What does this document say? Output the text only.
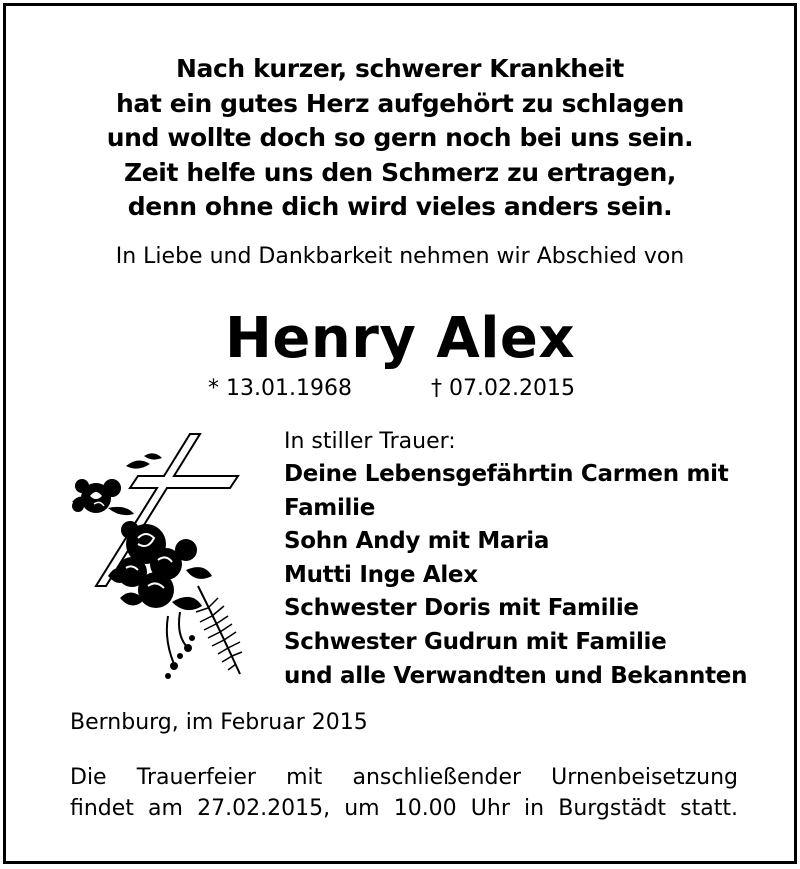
Nach kurzer, schwerer Krankheit
hat ein gutes Herz aufgehört zu schlagen
und wollte doch so gern noch bei uns sein.
Zeit helfe uns den Schmerz zu ertragen,
denn ohne dich wird vieles anders sein.
In Liebe und Dankbarkeit nehmen wir Abschied von
Henry Alex
* 13.01.1968	† 07.02.2015
In stiller Trauer:
Deine Lebensgefährtin Carmen mit
Familie
Sohn Andy mit Maria
Mutti Inge Alex
Schwester Doris mit Familie
Schwester Gudrun mit Familie
und alle Verwandten und Bekannten
Bernburg, im Februar 2015
Die Trauerfeier mit anschließender Urnenbeisetzung
findet am 27.02.2015, um 10.00 Uhr in Burgstädt statt.
